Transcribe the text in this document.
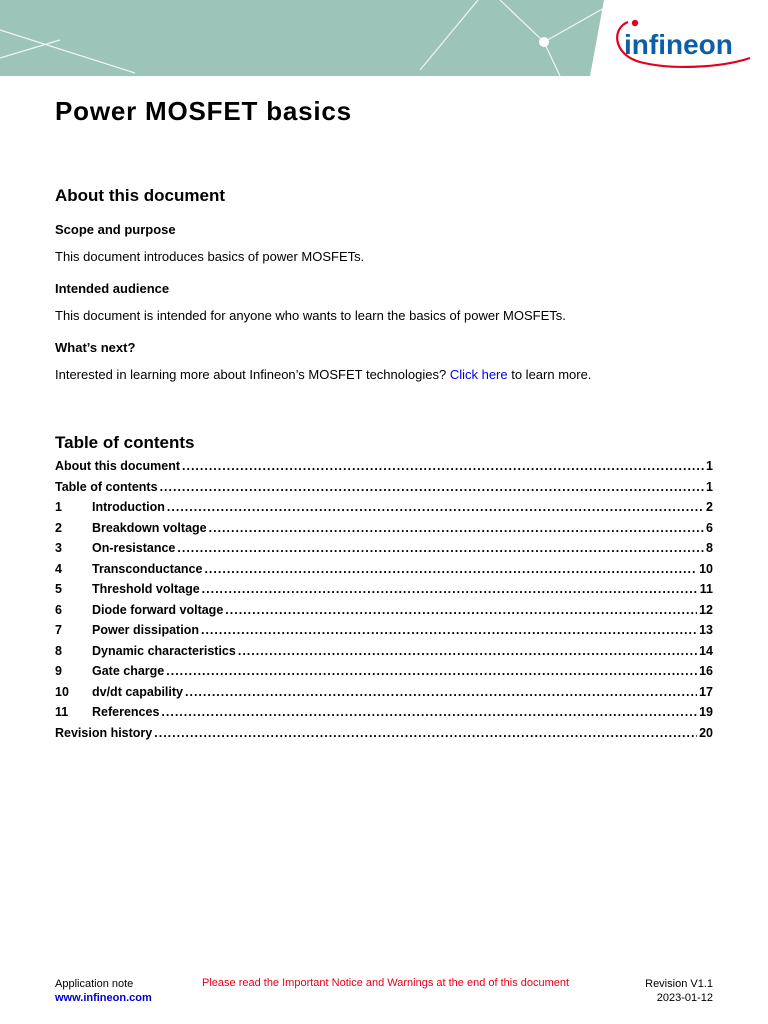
infineon
Power MOSFET basics
About this document
Scope and purpose
This document introduces basics of power MOSFETs.
Intended audience
This document is intended for anyone who wants to learn the basics of power MOSFETs.
What’s next?
Interested in learning more about Infineon’s MOSFET technologies? Click here to learn more.
Table of contents
About this document .....	1
Table of contents .....	1
1	Introduction .....	2
2	Breakdown voltage .....	6
3	On-resistance .....	8
4	Transconductance .....	10
5	Threshold voltage .....	11
6	Diode forward voltage .....	12
7	Power dissipation .....	13
8	Dynamic characteristics .....	14
9	Gate charge .....	16
10	dv/dt capability .....	17
11	References .....	19
Revision history .....	20
Application note
www.infineon.com
Please read the Important Notice and Warnings at the end of this document	Revision V1.1
2023-01-12
